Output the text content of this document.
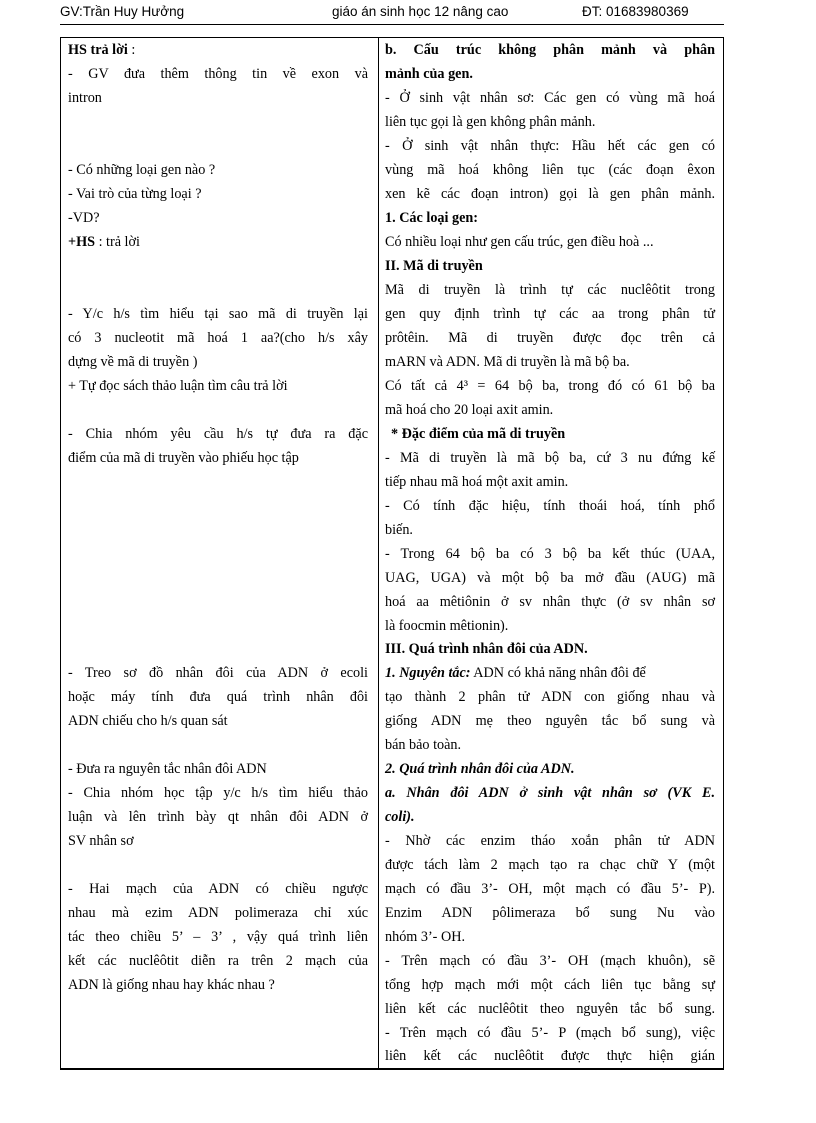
GV:Trần Huy Hưởng	giáo án sinh học 12 nâng cao	ĐT: 01683980369
HS trả lời :
- GV đưa thêm thông tin về exon và
intron
- Có những loại gen nào ?
- Vai trò của từng loại ?
-VD?
+HS : trả lời
- Y/c h/s tìm hiểu tại sao mã di truyền lại
có 3 nucleotit mã hoá 1 aa?(cho h/s xây
dựng về mã di truyền )
+ Tự đọc sách thảo luận tìm câu trả lời
- Chia nhóm yêu cầu h/s tự đưa ra đặc
điểm của mã di truyền vào phiếu học tập
- Treo sơ đồ nhân đôi của ADN ở ecoli
hoặc máy tính đưa quá trình nhân đôi
ADN chiếu cho h/s quan sát
- Đưa ra nguyên tắc nhân đôi ADN
- Chia nhóm học tập y/c h/s tìm hiểu thảo
luận và lên trình bày qt nhân đôi ADN ở
SV nhân sơ
- Hai mạch của ADN có chiều ngược
nhau mà ezim ADN polimeraza chỉ xúc
tác theo chiều 5’ – 3’ , vậy quá trình liên
kết các nuclêôtit diễn ra trên 2 mạch của
ADN là giống nhau hay khác nhau ?
b. Cấu trúc không phân mảnh và phân
mảnh của gen.
- Ở sinh vật nhân sơ: Các gen có vùng mã hoá
liên tục gọi là gen không phân mảnh.
- Ở sinh vật nhân thực: Hầu hết các gen có
vùng mã hoá không liên tục (các đoạn êxon
xen kẽ các đoạn intron) gọi là gen phân mảnh.
1. Các loại gen:
Có nhiều loại như gen cấu trúc, gen điều hoà ...
II. Mã di truyền
Mã di truyền là trình tự các nuclêôtit trong
gen quy định trình tự các aa trong phân tử
prôtêin. Mã di truyền được đọc trên cả
mARN và ADN. Mã di truyền là mã bộ ba.
Có tất cả 4³ = 64 bộ ba, trong đó có 61 bộ ba
mã hoá cho 20 loại axit amin.
* Đặc điểm của mã di truyền
- Mã di truyền là mã bộ ba, cứ 3 nu đứng kế
tiếp nhau mã hoá một axit amin.
- Có tính đặc hiệu, tính thoái hoá, tính phổ
biến.
- Trong 64 bộ ba có 3 bộ ba kết thúc (UAA,
UAG, UGA) và một bộ ba mở đầu (AUG) mã
hoá aa mêtiônin ở sv nhân thực (ở sv nhân sơ
là foocmin mêtionin).
III. Quá trình nhân đôi của ADN.
1. Nguyên tắc: ADN có khả năng nhân đôi để
tạo thành 2 phân tử ADN con giống nhau và
giống ADN mẹ theo nguyên tắc bổ sung và
bán bảo toàn.
2. Quá trình nhân đôi của ADN.
a. Nhân đôi ADN ở sinh vật nhân sơ (VK E.
coli).
- Nhờ các enzim tháo xoắn phân tử ADN
được tách làm 2 mạch tạo ra chạc chữ Y (một
mạch có đầu 3’- OH, một mạch có đầu 5’- P).
Enzim ADN pôlimeraza bổ sung Nu vào
nhóm 3’- OH.
- Trên mạch có đầu 3’- OH (mạch khuôn), sẽ
tổng hợp mạch mới một cách liên tục bằng sự
liên kết các nuclêôtit theo nguyên tắc bổ sung.
- Trên mạch có đầu 5’- P (mạch bổ sung), việc
liên kết các nuclêôtit được thực hiện gián
